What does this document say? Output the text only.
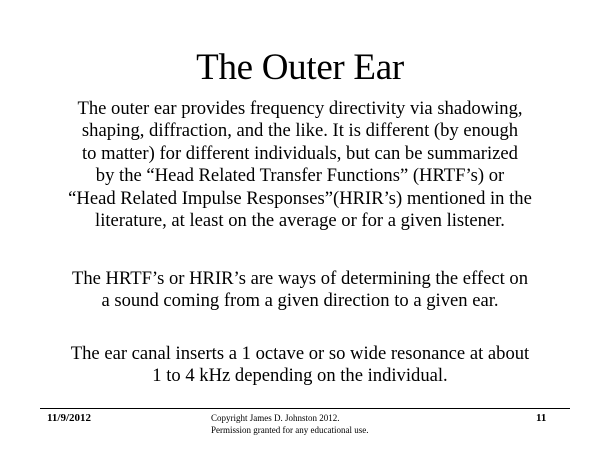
The Outer Ear
The outer ear provides frequency directivity via shadowing,
shaping, diffraction, and the like. It is different (by enough
to matter) for different individuals, but can be summarized
by the “Head Related Transfer Functions” (HRTF’s) or
“Head Related Impulse Responses”(HRIR’s) mentioned in the
literature, at least on the average or for a given listener.
The HRTF’s or HRIR’s are ways of determining the effect on
a sound coming from a given direction to a given ear.
The ear canal inserts a 1 octave or so wide resonance at about
1 to 4 kHz depending on the individual.
11/9/2012	Copyright James D. Johnston 2012.
Permission granted for any educational use.
11
